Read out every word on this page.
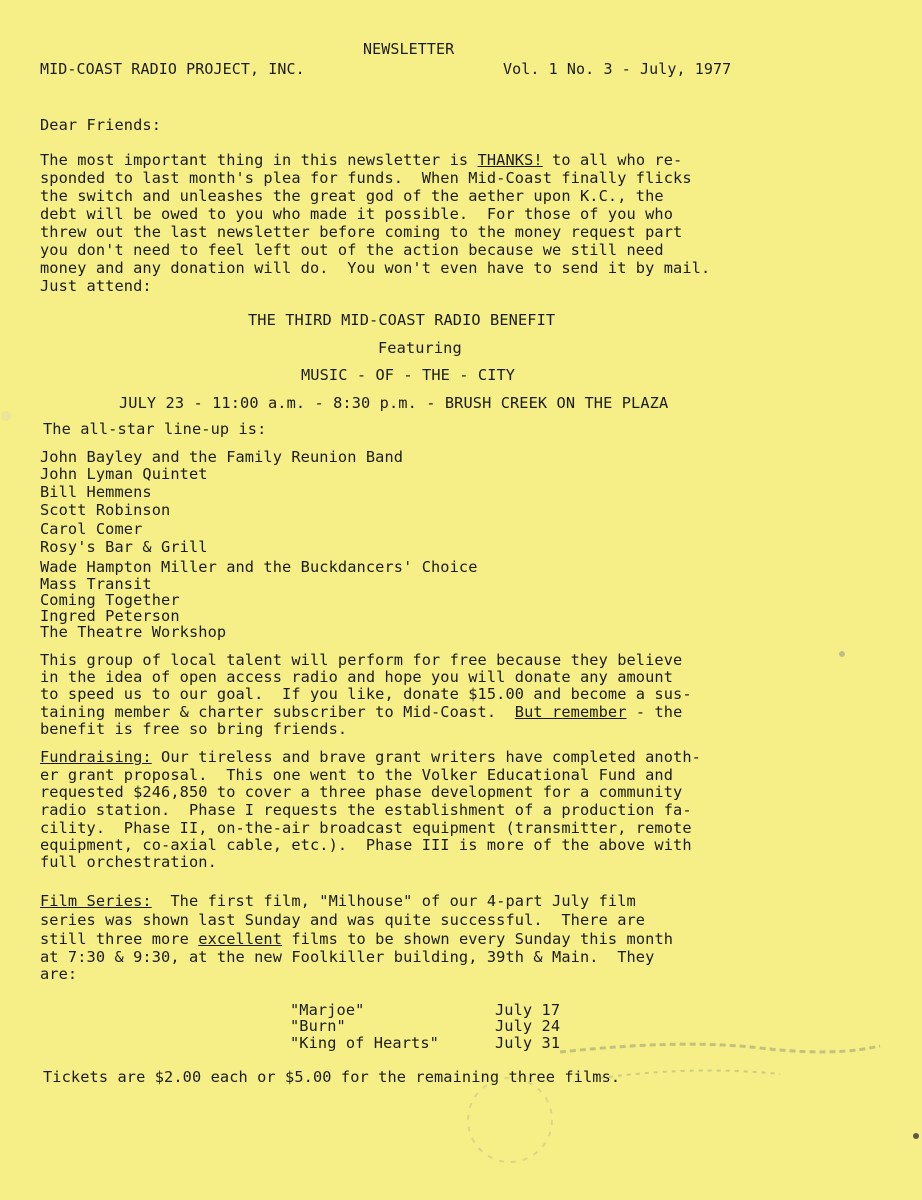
NEWSLETTER
MID-COAST RADIO PROJECT, INC.	Vol. 1 No. 3 - July, 1977
Dear Friends:
The most important thing in this newsletter is THANKS! to all who re-
sponded to last month's plea for funds.  When Mid-Coast finally flicks
the switch and unleashes the great god of the aether upon K.C., the
debt will be owed to you who made it possible.  For those of you who
threw out the last newsletter before coming to the money request part
you don't need to feel left out of the action because we still need
money and any donation will do.  You won't even have to send it by mail.
Just attend:
THE THIRD MID-COAST RADIO BENEFIT
Featuring
MUSIC - OF - THE - CITY
JULY 23 - 11:00 a.m. - 8:30 p.m. - BRUSH CREEK ON THE PLAZA
The all-star line-up is:
John Bayley and the Family Reunion Band
John Lyman Quintet
Bill Hemmens
Scott Robinson
Carol Comer
Rosy's Bar & Grill
Wade Hampton Miller and the Buckdancers' Choice
Mass Transit
Coming Together
Ingred Peterson
The Theatre Workshop
This group of local talent will perform for free because they believe
in the idea of open access radio and hope you will donate any amount
to speed us to our goal.  If you like, donate $15.00 and become a sus-
taining member & charter subscriber to Mid-Coast.  But remember - the
benefit is free so bring friends.
Fundraising: Our tireless and brave grant writers have completed anoth-
er grant proposal.  This one went to the Volker Educational Fund and
requested $246,850 to cover a three phase development for a community
radio station.  Phase I requests the establishment of a production fa-
cility.  Phase II, on-the-air broadcast equipment (transmitter, remote
equipment, co-axial cable, etc.).  Phase III is more of the above with
full orchestration.
Film Series:  The first film, "Milhouse" of our 4-part July film
series was shown last Sunday and was quite successful.  There are
still three more excellent films to be shown every Sunday this month
at 7:30 & 9:30, at the new Foolkiller building, 39th & Main.  They
are:
"Marjoe"	July 17
"Burn"	July 24
"King of Hearts"	July 31
Tickets are $2.00 each or $5.00 for the remaining three films.
